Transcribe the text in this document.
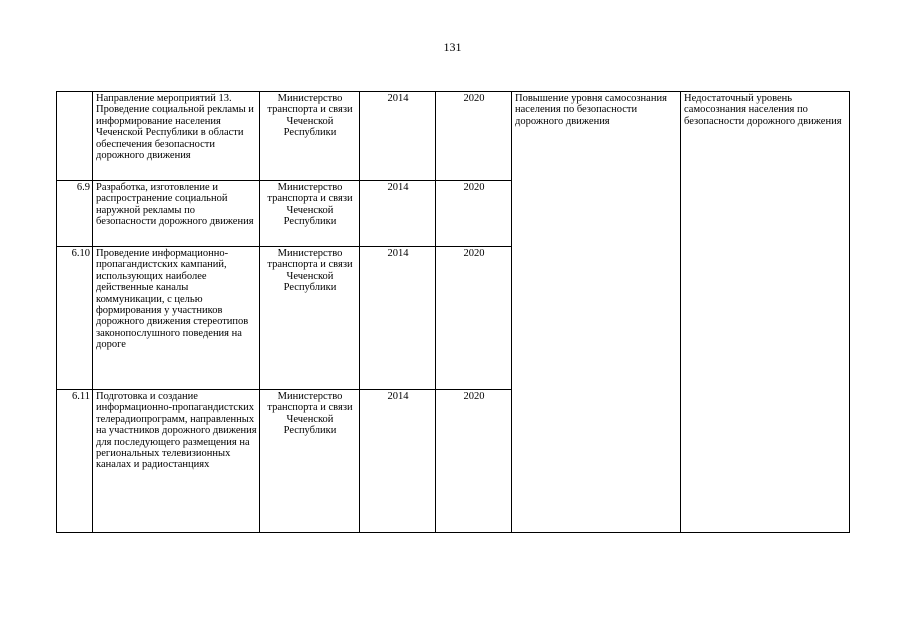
131
	Направление мероприятий 13. Проведение социальной рекламы и информирование населения Чеченской Республики в области обеспечения безопасности дорожного движения	Министерство транспорта и связи Чеченской Республики	2014	2020	Повышение уровня самосознания населения по безопасности дорожного движения	Недостаточный уровень самосознания населения по безопасности дорожного движения
6.9	Разработка, изготовление и распространение социальной наружной рекламы по безопасности дорожного движения	Министерство транспорта и связи Чеченской Республики	2014	2020		
6.10	Проведение информационно-пропагандистских кампаний, использующих наиболее действенные каналы коммуникации, с целью формирования у участников дорожного движения стереотипов законопослушного поведения на дороге	Министерство транспорта и связи Чеченской Республики	2014	2020		
6.11	Подготовка и создание информационно-пропагандистских телерадиопрограмм, направленных на участников дорожного движения для последующего размещения на региональных телевизионных каналах и радиостанциях	Министерство транспорта и связи Чеченской Республики	2014	2020		
